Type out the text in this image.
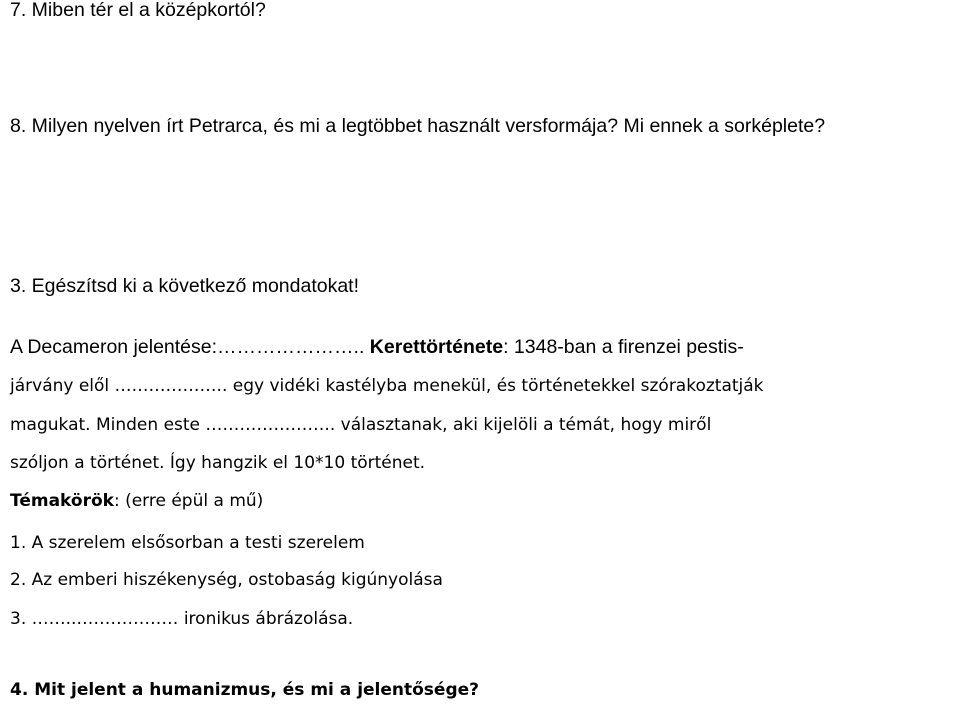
7. Miben tér el a középkortól?
8. Milyen nyelven írt Petrarca, és mi a legtöbbet használt versformája? Mi ennek a sorképlete?
3. Egészítsd ki a következő mondatokat!
A Decameron jelentése:………………….. Kerettörténete: 1348-ban a firenzei pestis-
járvány elől ……………….. egy vidéki kastélyba menekül, és történetekkel szórakoztatják
magukat. Minden este ………………….. választanak, aki kijelöli a témát, hogy miről
szóljon a történet. Így hangzik el 10*10 történet.
Témakörök: (erre épül a mű)
1. A szerelem elsősorban a testi szerelem
2. Az emberi hiszékenység, ostobaság kigúnyolása
3. ……..……………… ironikus ábrázolása.
4. Mit jelent a humanizmus, és mi a jelentősége?
